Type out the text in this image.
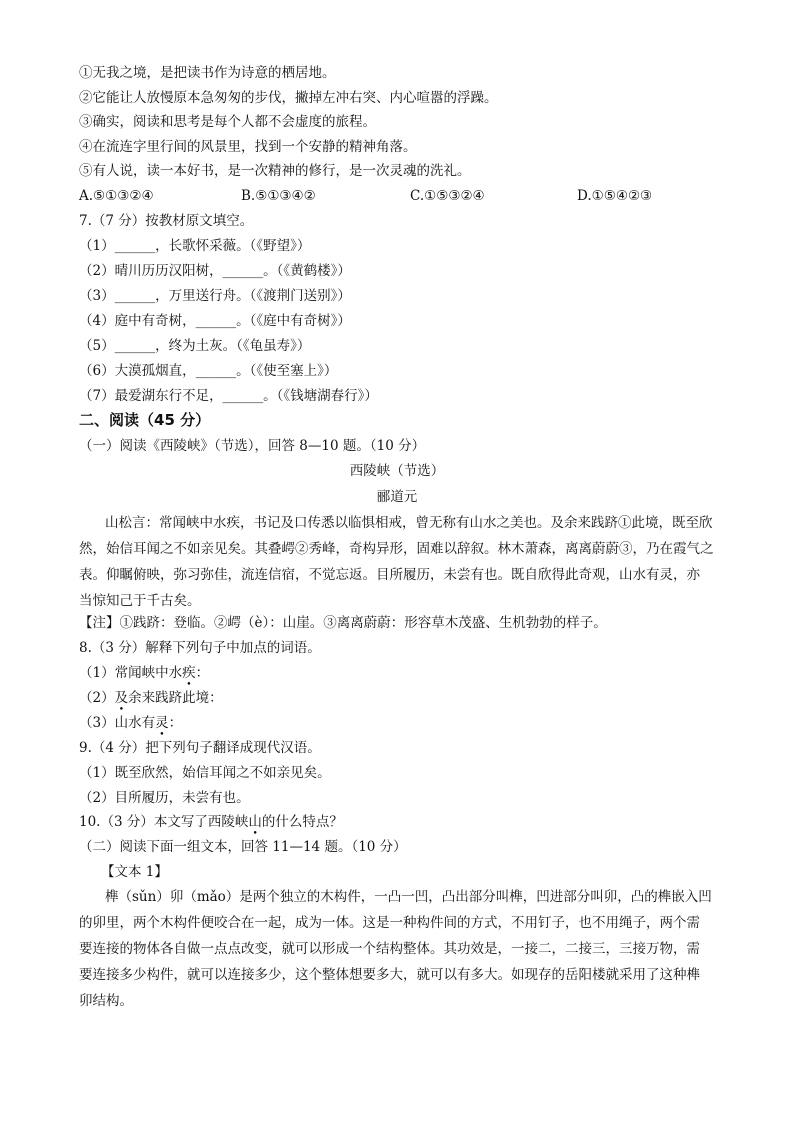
①无我之境，是把读书作为诗意的栖居地。
②它能让人放慢原本急匆匆的步伐，撇掉左冲右突、内心喧嚣的浮躁。
③确实，阅读和思考是每个人都不会虚度的旅程。
④在流连字里行间的风景里，找到一个安静的精神角落。
⑤有人说，读一本好书，是一次精神的修行，是一次灵魂的洗礼。
A.⑤①③②④	B.⑤①③④②	C.①⑤③②④	D.①⑤④②③
7.（7 分）按教材原文填空。
（1）______，长歌怀采薇。（《野望》）
（2）晴川历历汉阳树，______。（《黄鹤楼》）
（3）______，万里送行舟。（《渡荆门送别》）
（4）庭中有奇树，______。（《庭中有奇树》）
（5）______，终为土灰。（《龟虽寿》）
（6）大漠孤烟直，______。（《使至塞上》）
（7）最爱湖东行不足，______。（《钱塘湖春行》）
二、阅读（45 分）
（一）阅读《西陵峡》（节选），回答 8—10 题。（10 分）
西陵峡（节选）
郦道元
山松言：常闻峡中水疾，书记及口传悉以临惧相戒，曾无称有山水之美也。及余来践跻①此境，既至欣
然，始信耳闻之不如亲见矣。其叠崿②秀峰，奇构异形，固难以辞叙。林木萧森，离离蔚蔚③，乃在霞气之
表。仰瞩俯映，弥习弥佳，流连信宿，不觉忘返。目所履历，未尝有也。既自欣得此奇观，山水有灵，亦
当惊知己于千古矣。
【注】①践跻：登临。②崿（è）：山崖。③离离蔚蔚：形容草木茂盛、生机勃勃的样子。
8.（3 分）解释下列句子中加点的词语。
（1）常闻峡中水疾：
（2）及余来践跻此境：
（3）山水有灵：
9.（4 分）把下列句子翻译成现代汉语。
（1）既至欣然，始信耳闻之不如亲见矣。
（2）目所履历，未尝有也。
10.（3 分）本文写了西陵峡山的什么特点？
（二）阅读下面一组文本，回答 11—14 题。（10 分）
【文本 1】
榫（sǔn）卯（mǎo）是两个独立的木构件，一凸一凹，凸出部分叫榫，凹进部分叫卯，凸的榫嵌入凹
的卯里，两个木构件便咬合在一起，成为一体。这是一种构件间的方式，不用钉子，也不用绳子，两个需
要连接的物体各自做一点点改变，就可以形成一个结构整体。其功效是，一接二，二接三，三接万物，需
要连接多少构件，就可以连接多少，这个整体想要多大，就可以有多大。如现存的岳阳楼就采用了这种榫
卯结构。
